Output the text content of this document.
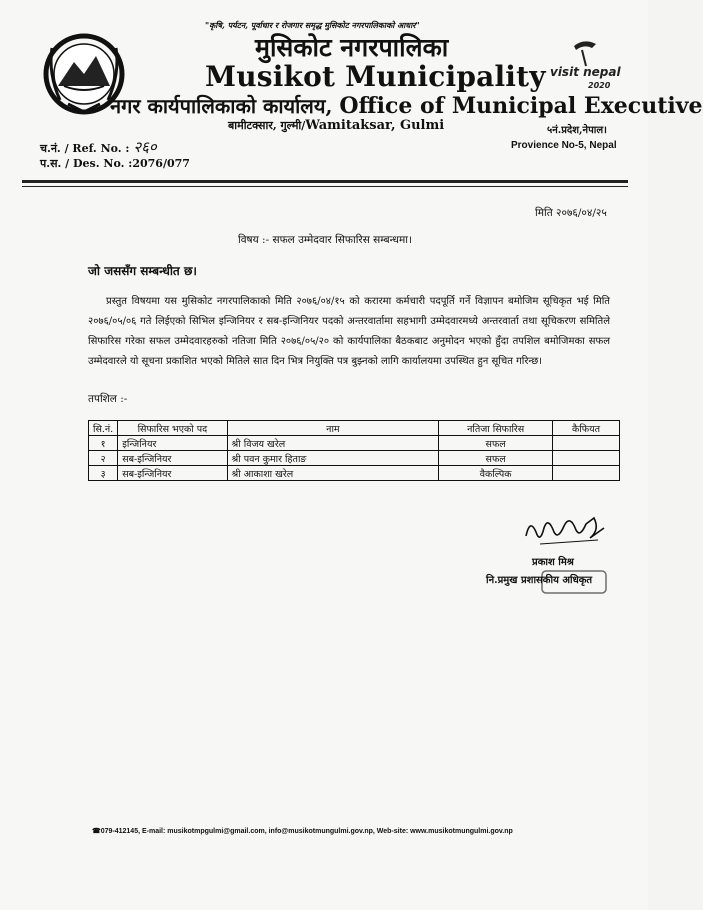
"कृषि, पर्यटन, पूर्वाधार र रोजगार समृद्ध मुसिकोट नगरपालिकाको आधार"
मुसिकोट नगरपालिका
Musikot Municipality
नगर कार्यपालिकाको कार्यालय, Office of Municipal Executive
बामीटक्सार, गुल्मी/Wamitaksar, Gulmi
visit nepal
2020
५नं.प्रदेश,नेपाल।
Provience No-5, Nepal
च.नं. / Ref. No. : २६०
प.स. / Des. No. :2076/077
मिति २०७६/०४/२५
विषय :- सफल उम्मेदवार सिफारिस सम्बन्धमा।
जो जससँग सम्बन्धीत छ।
प्रस्तुत विषयमा यस मुसिकोट नगरपालिकाको मिति २०७६/०४/१५ को करारमा कर्मचारी पदपूर्ति गर्ने विज्ञापन बमोजिम सूचिकृत भई मिति २०७६/०५/०६ गते लिईएको सिभिल इन्जिनियर र सब-इन्जिनियर पदको अन्तरवार्तामा सहभागी उम्मेदवारमध्ये अन्तरवार्ता तथा सूचिकरण समितिले सिफारिस गरेका सफल उम्मेदवारहरुको नतिजा मिति २०७६/०५/२० को कार्यपालिका बैठकबाट अनुमोदन भएको हुँदा तपशिल बमोजिमका सफल उम्मेदवारले यो सूचना प्रकाशित भएको मितिले सात दिन भित्र नियुक्ति पत्र बुझ्नको लागि कार्यालयमा उपस्थित हुन सूचित गरिन्छ।
तपशिल :-
सि.नं.	सिफारिस भएको पद	नाम	नतिजा सिफारिस	कैफियत
१	इन्जिनियर	श्री विजय खरेल	सफल	
२	सब-इन्जिनियर	श्री पवन कुमार हिताङ	सफल	
३	सब-इन्जिनियर	श्री आकाशा खरेल	वैकल्पिक	
प्रकाश मिश्र
नि.प्रमुख प्रशासकीय अधिकृत
☎079-412145, E-mail: musikotmpgulmi@gmail.com, info@musikotmungulmi.gov.np, Web-site: www.musikotmungulmi.gov.np
